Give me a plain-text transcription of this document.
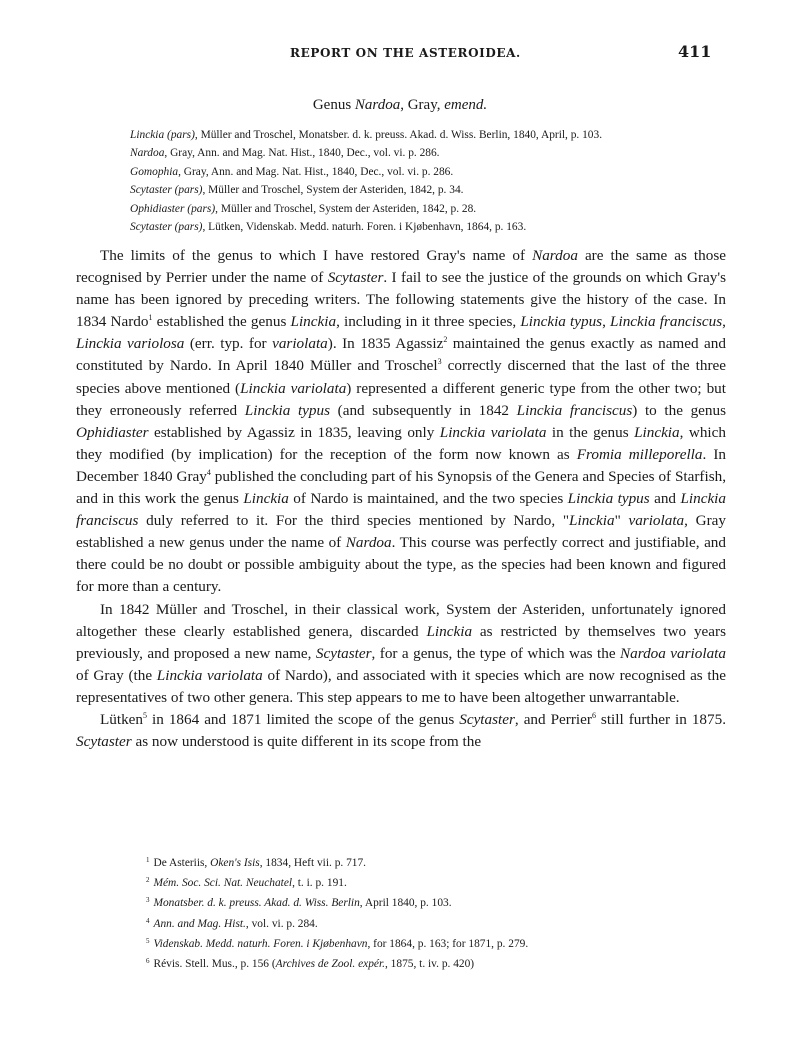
REPORT ON THE ASTEROIDEA.	411
Genus Nardoa, Gray, emend.
Linckia (pars), Müller and Troschel, Monatsber. d. k. preuss. Akad. d. Wiss. Berlin, 1840, April, p. 103.
Nardoa, Gray, Ann. and Mag. Nat. Hist., 1840, Dec., vol. vi. p. 286.
Gomophia, Gray, Ann. and Mag. Nat. Hist., 1840, Dec., vol. vi. p. 286.
Scytaster (pars), Müller and Troschel, System der Asteriden, 1842, p. 34.
Ophidiaster (pars), Müller and Troschel, System der Asteriden, 1842, p. 28.
Scytaster (pars), Lütken, Videnskab. Medd. naturh. Foren. i Kjøbenhavn, 1864, p. 163.

The limits of the genus to which I have restored Gray's name of Nardoa are the same as those recognised by Perrier under the name of Scytaster. I fail to see the justice of the grounds on which Gray's name has been ignored by preceding writers. The following statements give the history of the case. In 1834 Nardo$^1$ established the genus Linckia, including in it three species, Linckia typus, Linckia franciscus, Linckia variolosa (err. typ. for variolata). In 1835 Agassiz$^2$ maintained the genus exactly as named and constituted by Nardo. In April 1840 Müller and Troschel$^3$ correctly discerned that the last of the three species above mentioned (Linckia variolata) represented a different generic type from the other two; but they erroneously referred Linckia typus (and subsequently in 1842 Linckia franciscus) to the genus Ophidiaster established by Agassiz in 1835, leaving only Linckia variolata in the genus Linckia, which they modified (by implication) for the reception of the form now known as Fromia milleporella. In December 1840 Gray$^4$ published the concluding part of his Synopsis of the Genera and Species of Starfish, and in this work the genus Linckia of Nardo is maintained, and the two species Linckia typus and Linckia franciscus duly referred to it. For the third species mentioned by Nardo, "Linckia" variolata, Gray established a new genus under the name of Nardoa. This course was perfectly correct and justifiable, and there could be no doubt or possible ambiguity about the type, as the species had been known and figured for more than a century.

In 1842 Müller and Troschel, in their classical work, System der Asteriden, unfortunately ignored altogether these clearly established genera, discarded Linckia as restricted by themselves two years previously, and proposed a new name, Scytaster, for a genus, the type of which was the Nardoa variolata of Gray (the Linckia variolata of Nardo), and associated with it species which are now recognised as the representatives of two other genera. This step appears to me to have been altogether unwarrantable.

Lütken$^5$ in 1864 and 1871 limited the scope of the genus Scytaster, and Perrier$^6$ still further in 1875. Scytaster as now understood is quite different in its scope from the

$^1$ De Asteriis, Oken's Isis, 1834, Heft vii. p. 717.
$^2$ Mém. Soc. Sci. Nat. Neuchatel, t. i. p. 191.
$^3$ Monatsber. d. k. preuss. Akad. d. Wiss. Berlin, April 1840, p. 103.
$^4$ Ann. and Mag. Hist., vol. vi. p. 284.
$^5$ Videnskab. Medd. naturh. Foren. i Kjøbenhavn, for 1864, p. 163; for 1871, p. 279.
$^6$ Révis. Stell. Mus., p. 156 (Archives de Zool. expér., 1875, t. iv. p. 420)
